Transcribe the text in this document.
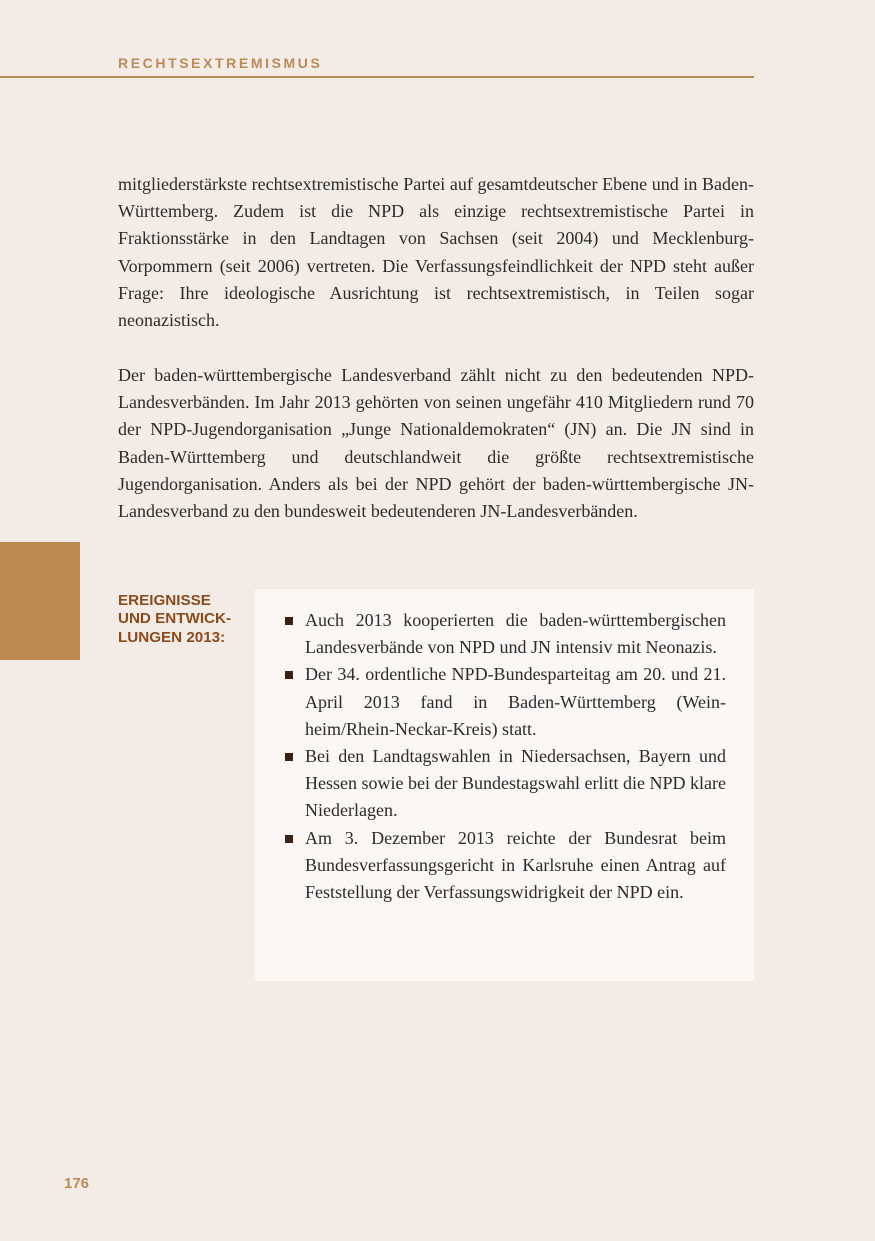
RECHTSEXTREMISMUS

mitgliederstärkste rechtsextremistische Partei auf gesamtdeutscher Ebene und in Baden-Württemberg. Zudem ist die NPD als einzige rechtsextremistische Partei in Fraktionsstärke in den Landtagen von Sachsen (seit 2004) und Mecklenburg-Vorpommern (seit 2006) vertreten. Die Verfassungsfeindlichkeit der NPD steht außer Frage: Ihre ideologische Ausrichtung ist rechtsextremistisch, in Teilen sogar neonazistisch.

Der baden-württembergische Landesverband zählt nicht zu den bedeutenden NPD-Landesverbänden. Im Jahr 2013 gehörten von seinen ungefähr 410 Mitgliedern rund 70 der NPD-Jugendorganisation „Junge Nationaldemokraten“ (JN) an. Die JN sind in Baden-Württemberg und deutschlandweit die größte rechtsextremistische Jugendorganisation. Anders als bei der NPD gehört der baden-württembergische JN-Landesverband zu den bundesweit bedeutenderen JN-Landesverbänden.

EREIGNISSE
UND ENTWICK-
LUNGEN 2013:
Auch 2013 kooperierten die baden-württembergischen Landesverbände von NPD und JN intensiv mit Neonazis.
Der 34. ordentliche NPD-Bundesparteitag am 20. und 21. April 2013 fand in Baden-Württemberg (Weinheim/Rhein-Neckar-Kreis) statt.
Bei den Landtagswahlen in Niedersachsen, Bayern und Hessen sowie bei der Bundestagswahl erlitt die NPD klare Niederlagen.
Am 3. Dezember 2013 reichte der Bundesrat beim Bundesverfassungsgericht in Karlsruhe einen Antrag auf Feststellung der Verfassungswidrigkeit der NPD ein.
176
